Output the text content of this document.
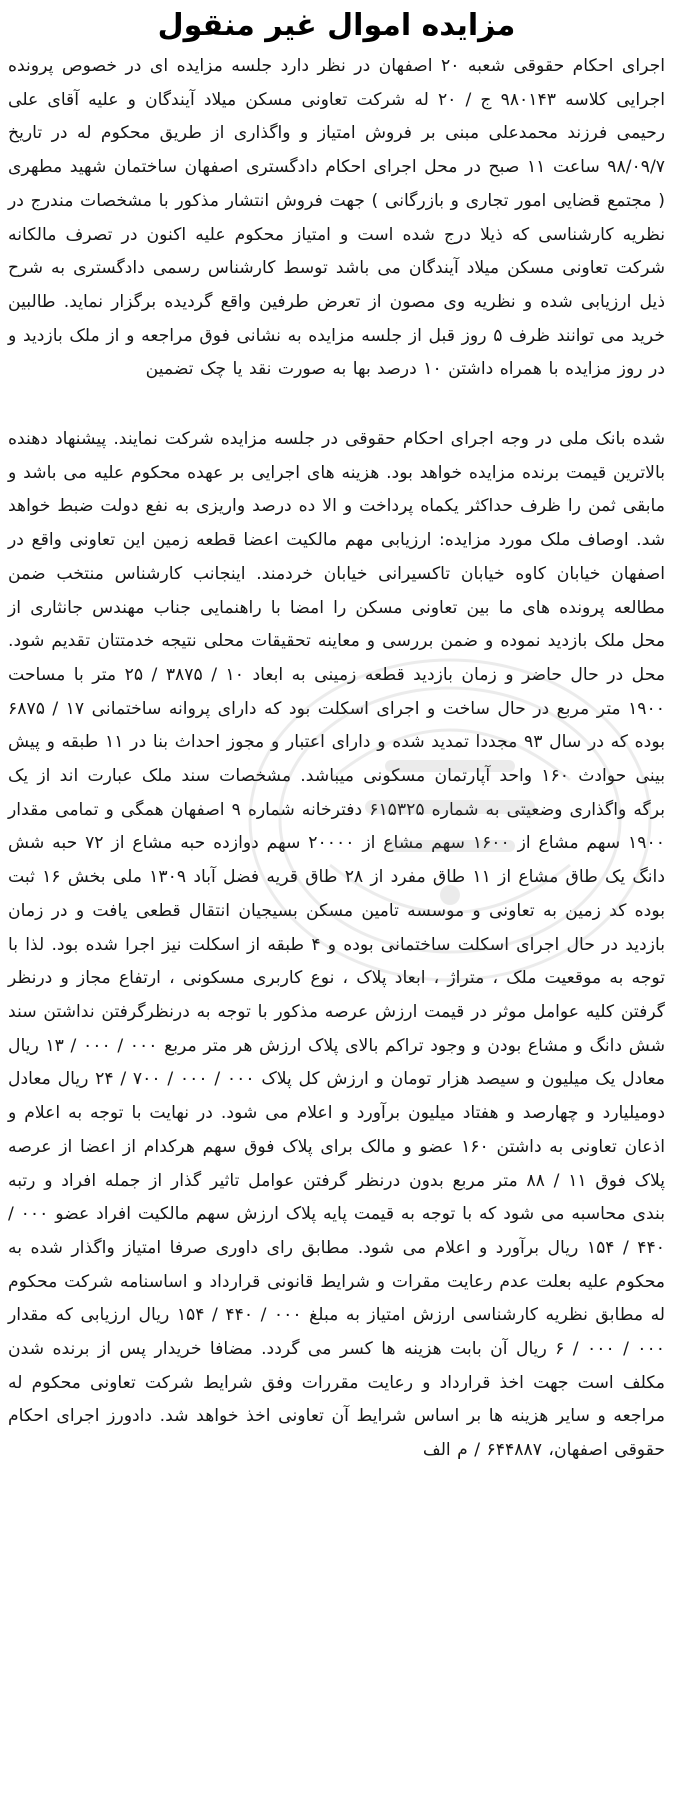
مزایده اموال غیر منقول

اجرای احکام حقوقی شعبه ۲۰ اصفهان در نظر دارد جلسه مزایده ای در خصوص پرونده اجرایی کلاسه ۹۸۰۱۴۳ ج / ۲۰ له شرکت تعاونی مسکن میلاد آیندگان و علیه آقای علی رحیمی فرزند محمدعلی مبنی بر فروش امتیاز و واگذاری از طریق محکوم له در تاریخ ۹۸/۰۹/۷ ساعت ۱۱ صبح در محل اجرای احکام دادگستری اصفهان ساختمان شهید مطهری ( مجتمع قضایی امور تجاری و بازرگانی ) جهت فروش انتشار مذکور با مشخصات مندرج در نظریه کارشناسی که ذیلا درج شده است و امتیاز محکوم علیه اکنون در تصرف مالکانه شرکت تعاونی مسکن میلاد آیندگان می باشد توسط کارشناس رسمی دادگستری به شرح ذیل ارزیابی شده و نظریه وی مصون از تعرض طرفین واقع گردیده برگزار نماید. طالبین خرید می توانند ظرف ۵ روز قبل از جلسه مزایده به نشانی فوق مراجعه و از ملک بازدید و در روز مزایده با همراه داشتن ۱۰ درصد بها به صورت نقد یا چک تضمین

شده بانک ملی در وجه اجرای احکام حقوقی در جلسه مزایده شرکت نمایند. پیشنهاد دهنده بالاترین قیمت برنده مزایده خواهد بود. هزینه های اجرایی بر عهده محکوم علیه می باشد و مابقی ثمن را ظرف حداکثر یکماه پرداخت و الا ده درصد واریزی به نفع دولت ضبط خواهد شد. اوصاف ملک مورد مزایده: ارزیابی مهم مالکیت اعضا قطعه زمین این تعاونی واقع در اصفهان خیابان کاوه خیابان تاکسیرانی خیابان خردمند. اینجانب کارشناس منتخب ضمن مطالعه پرونده های ما بین تعاونی مسکن را امضا با راهنمایی جناب مهندس جانثاری از محل ملک بازدید نموده و ضمن بررسی و معاینه تحقیقات محلی نتیجه خدمتتان تقدیم شود. محل در حال حاضر و زمان بازدید قطعه زمینی به ابعاد ۱۰ / ۳۸۷۵ / ۲۵ متر با مساحت ۱۹۰۰ متر مربع در حال ساخت و اجرای اسکلت بود که دارای پروانه ساختمانی ۱۷ / ۶۸۷۵ بوده که در سال ۹۳ مجددا تمدید شده و دارای اعتبار و مجوز احداث بنا در ۱۱ طبقه و پیش بینی حوادث ۱۶۰ واحد آپارتمان مسکونی میباشد. مشخصات سند ملک عبارت اند از یک برگه واگذاری وضعیتی به شماره ۶۱۵۳۲۵ دفترخانه شماره ۹ اصفهان همگی و تمامی مقدار ۱۹۰۰ سهم مشاع از ۱۶۰۰ سهم مشاع از ۲۰۰۰۰ سهم دوازده حبه مشاع از ۷۲ حبه شش دانگ یک طاق مشاع از ۱۱ طاق مفرد از ۲۸ طاق قریه فضل آباد ۱۳۰۹ ملی بخش ۱۶ ثبت بوده کد زمین به تعاونی و موسسه تامین مسکن بسیجیان انتقال قطعی یافت و در زمان بازدید در حال اجرای اسکلت ساختمانی بوده و ۴ طبقه از اسکلت نیز اجرا شده بود. لذا با توجه به موقعیت ملک ، متراژ ، ابعاد پلاک ، نوع کاربری مسکونی ، ارتفاع مجاز و درنظر گرفتن کلیه عوامل موثر در قیمت ارزش عرصه مذکور با توجه به درنظرگرفتن نداشتن سند شش دانگ و مشاع بودن و وجود تراکم بالای پلاک ارزش هر متر مربع ۰۰۰ / ۰۰۰ / ۱۳ ریال معادل یک میلیون و سیصد هزار تومان و ارزش کل پلاک ۰۰۰ / ۰۰۰ / ۷۰۰ / ۲۴ ریال معادل دومیلیارد و چهارصد و هفتاد میلیون برآورد و اعلام می شود. در نهایت با توجه به اعلام و اذعان تعاونی به داشتن ۱۶۰ عضو و مالک برای پلاک فوق سهم هرکدام از اعضا از عرصه پلاک فوق ۱۱ / ۸۸ متر مربع بدون درنظر گرفتن عوامل تاثیر گذار از جمله افراد و رتبه بندی محاسبه می شود که با توجه به قیمت پایه پلاک ارزش سهم مالکیت افراد عضو ۰۰۰ / ۴۴۰ / ۱۵۴ ریال برآورد و اعلام می شود. مطابق رای داوری صرفا امتیاز واگذار شده به محکوم علیه بعلت عدم رعایت مقرات و شرایط قانونی قرارداد و اساسنامه شرکت محکوم له مطابق نظریه کارشناسی ارزش امتیاز به مبلغ ۰۰۰ / ۴۴۰ / ۱۵۴ ریال ارزیابی که مقدار ۰۰۰ / ۰۰۰ / ۶ ریال آن بابت هزینه ها کسر می گردد. مضافا خریدار پس از برنده شدن مکلف است جهت اخذ قرارداد و رعایت مقررات وفق شرایط شرکت تعاونی محکوم له مراجعه و سایر هزینه ها بر اساس شرایط آن تعاونی اخذ خواهد شد. دادورز اجرای احکام حقوقی اصفهان، ۶۴۴۸۸۷ / م الف
